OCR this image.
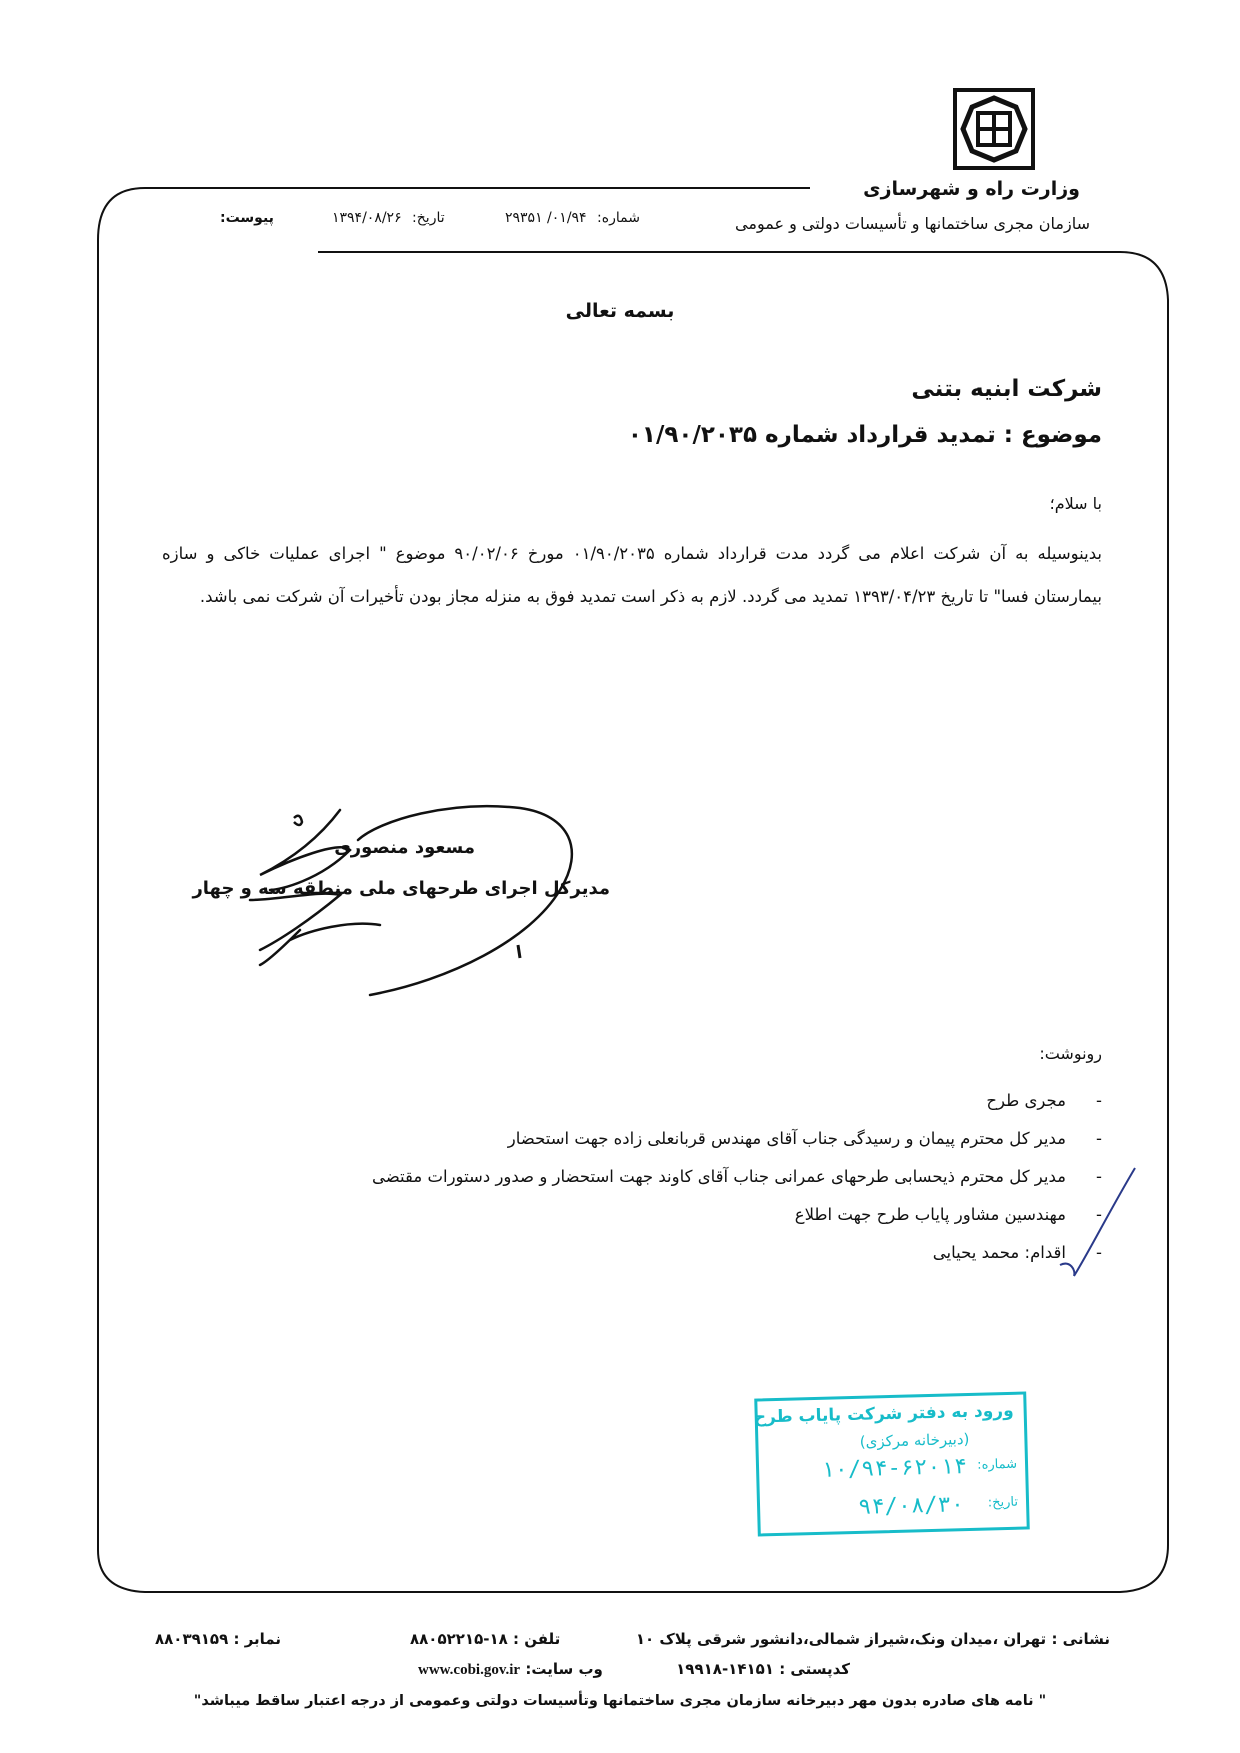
وزارت راه و شهرسازی
سازمان مجری ساختمانها و تأسیسات دولتی و عمومی
شماره: ۰۱/۹۴/ ۲۹۳۵۱
تاریخ: ۱۳۹۴/۰۸/۲۶
پیوست:
بسمه تعالی
شرکت ابنیه بتنی
موضوع : تمدید قرارداد شماره ۰۱/۹۰/۲۰۳۵
با سلام؛
بدینوسیله به آن شرکت اعلام می گردد مدت قرارداد شماره ۰۱/۹۰/۲۰۳۵ مورخ ۹۰/۰۲/۰۶ موضوع " اجرای عملیات خاکی و سازه بیمارستان فسا" تا تاریخ ۱۳۹۳/۰۴/۲۳ تمدید می گردد. لازم به ذکر است تمدید فوق به منزله مجاز بودن تأخیرات آن شرکت نمی باشد.
مسعود منصوری
مدیرکل اجرای طرحهای ملی منطقه سه و چهار
رونوشت:
-
مجری طرح
-
مدیر کل محترم پیمان و رسیدگی جناب آقای مهندس قربانعلی زاده جهت استحضار
-
مدیر کل محترم ذیحسابی طرحهای عمرانی جناب آقای کاوند جهت استحضار و صدور دستورات مقتضی
-
مهندسین مشاور پایاب طرح جهت اطلاع
-
اقدام: محمد یحیایی
ورود به دفتر شرکت پایاب طرح
(دبیرخانه مرکزی)
شماره:
۱۰/۹۴-۶۲۰۱۴
تاریخ:
۹۴/۰۸/۳۰
نشانی : تهران ،میدان ونک،شیراز شمالی،دانشور شرقی پلاک ۱۰
تلفن : ۱۸-۸۸۰۵۲۲۱۵
نمابر : ۸۸۰۳۹۱۵۹
کدپستی : ۱۴۱۵۱-۱۹۹۱۸
وب سایت: www.cobi.gov.ir
" نامه های صادره بدون مهر دبیرخانه سازمان مجری ساختمانها وتأسیسات دولتی وعمومی از درجه اعتبار ساقط میباشد"
